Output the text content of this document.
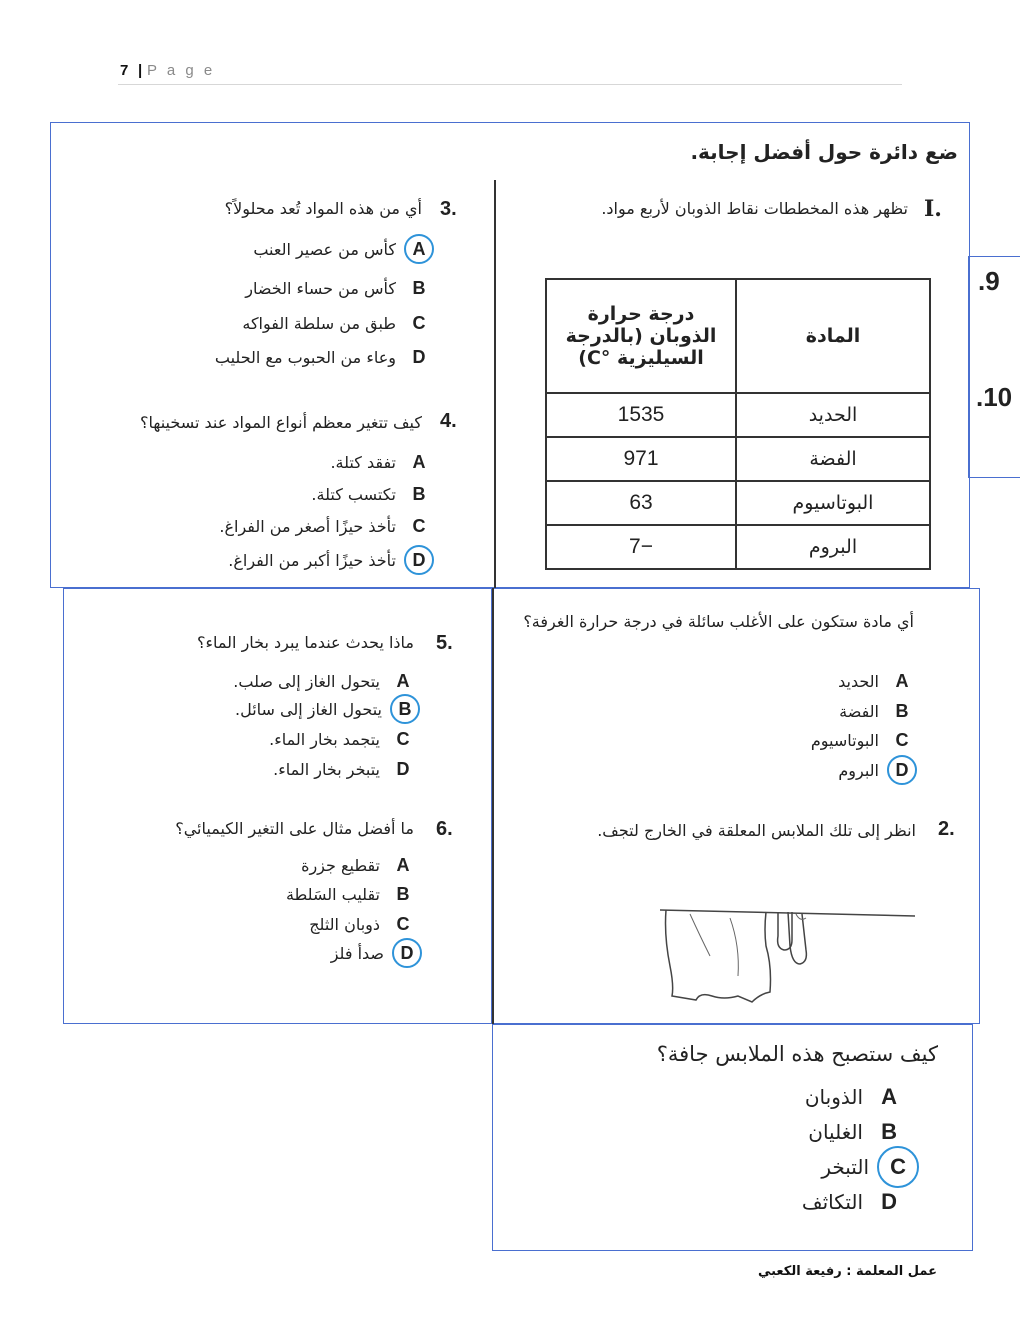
7 | P a g e
.9
.10
ضع دائرة حول أفضل إجابة.
I.
تظهر هذه المخططات نقاط الذوبان لأربع مواد.
المادة	درجة حرارة
الذوبان (بالدرجة
السيليزية °C)

الحديد	1535
الفضة	971
البوتاسيوم	63
البروم	−7
3.
أي من هذه المواد تُعد محلولاً؟
A
كأس من عصير العنب
B
كأس من حساء الخضار
C
طبق من سلطة الفواكه
D
وعاء من الحبوب مع الحليب
4.
كيف تتغير معظم أنواع المواد عند تسخينها؟
A
تفقد كتلة.
B
تكتسب كتلة.
C
تأخذ حيزًا أصغر من الفراغ.
D
تأخذ حيزًا أكبر من الفراغ.
أي مادة ستكون على الأغلب سائلة في درجة حرارة الغرفة؟
A
الحديد
B
الفضة
C
البوتاسيوم
D
البروم
2.
انظر إلى تلك الملابس المعلقة في الخارج لتجف.
كيف ستصبح هذه الملابس جافة؟
A
الذوبان
B
الغليان
C
التبخر
D
التكاثف
5.
ماذا يحدث عندما يبرد بخار الماء؟
A
يتحول الغاز إلى صلب.
B
يتحول الغاز إلى سائل.
C
يتجمد بخار الماء.
D
يتبخر بخار الماء.
6.
ما أفضل مثال على التغير الكيميائي؟
A
تقطيع جزرة
B
تقليب السَلطة
C
ذوبان الثلج
D
صدأ فلز
عمل المعلمة : رفيعة الكعبي
